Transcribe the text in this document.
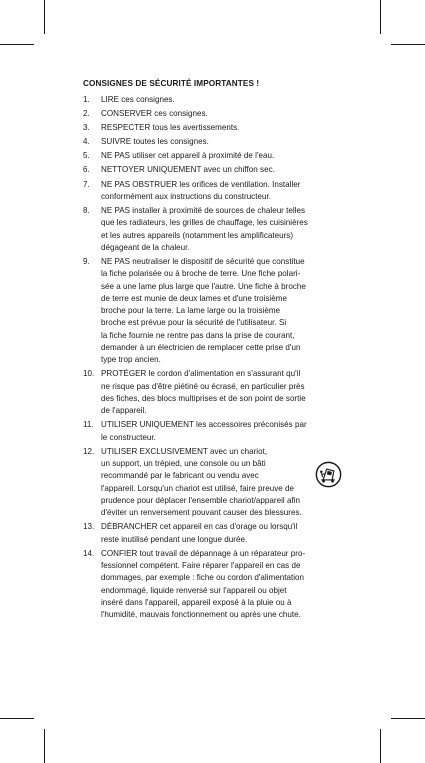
CONSIGNES DE SÉCURITÉ IMPORTANTES !
1.	LIRE ces consignes.
2.	CONSERVER ces consignes.
3.	RESPECTER tous les avertissements.
4.	SUIVRE toutes les consignes.
5.	NE PAS utiliser cet appareil à proximité de l'eau.
6.	NETTOYER UNIQUEMENT avec un chiffon sec.
7.	NE PAS OBSTRUER les orifices de ventilation. Installer
conformément aux instructions du constructeur.
8.	NE PAS installer à proximité de sources de chaleur telles
que les radiateurs, les grilles de chauffage, les cuisinières
et les autres appareils (notamment les amplificateurs)
dégageant de la chaleur.
9.	NE PAS neutraliser le dispositif de sécurité que constitue
la fiche polarisée ou à broche de terre. Une fiche polari-
sée a une lame plus large que l'autre. Une fiche à broche
de terre est munie de deux lames et d'une troisième
broche pour la terre. La lame large ou la troisième
broche est prévue pour la sécurité de l'utilisateur. Si
la fiche fournie ne rentre pas dans la prise de courant,
demander à un électricien de remplacer cette prise d'un
type trop ancien.
10. PROTÉGER le cordon d'alimentation en s'assurant qu'il
ne risque pas d'être piétiné ou écrasé, en particulier près
des fiches, des blocs multiprises et de son point de sortie
de l'appareil.
11. UTILISER UNIQUEMENT les accessoires préconisés par
le constructeur.
12. UTILISER EXCLUSIVEMENT avec un chariot,
un support, un trépied, une console ou un bâti
recommandé par le fabricant ou vendu avec
l'appareil. Lorsqu'un chariot est utilisé, faire preuve de
prudence pour déplacer l'ensemble chariot/appareil afin
d'éviter un renversement pouvant causer des blessures.
13. DÉBRANCHER cet appareil en cas d'orage ou lorsqu'il
reste inutilisé pendant une longue durée.
14. CONFIER tout travail de dépannage à un réparateur pro-
fessionnel compétent. Faire réparer l'appareil en cas de
dommages, par exemple : fiche ou cordon d'alimentation
endommagé, liquide renversé sur l'appareil ou objet
inséré dans l'appareil, appareil exposé à la pluie ou à
l'humidité, mauvais fonctionnement ou après une chute.
